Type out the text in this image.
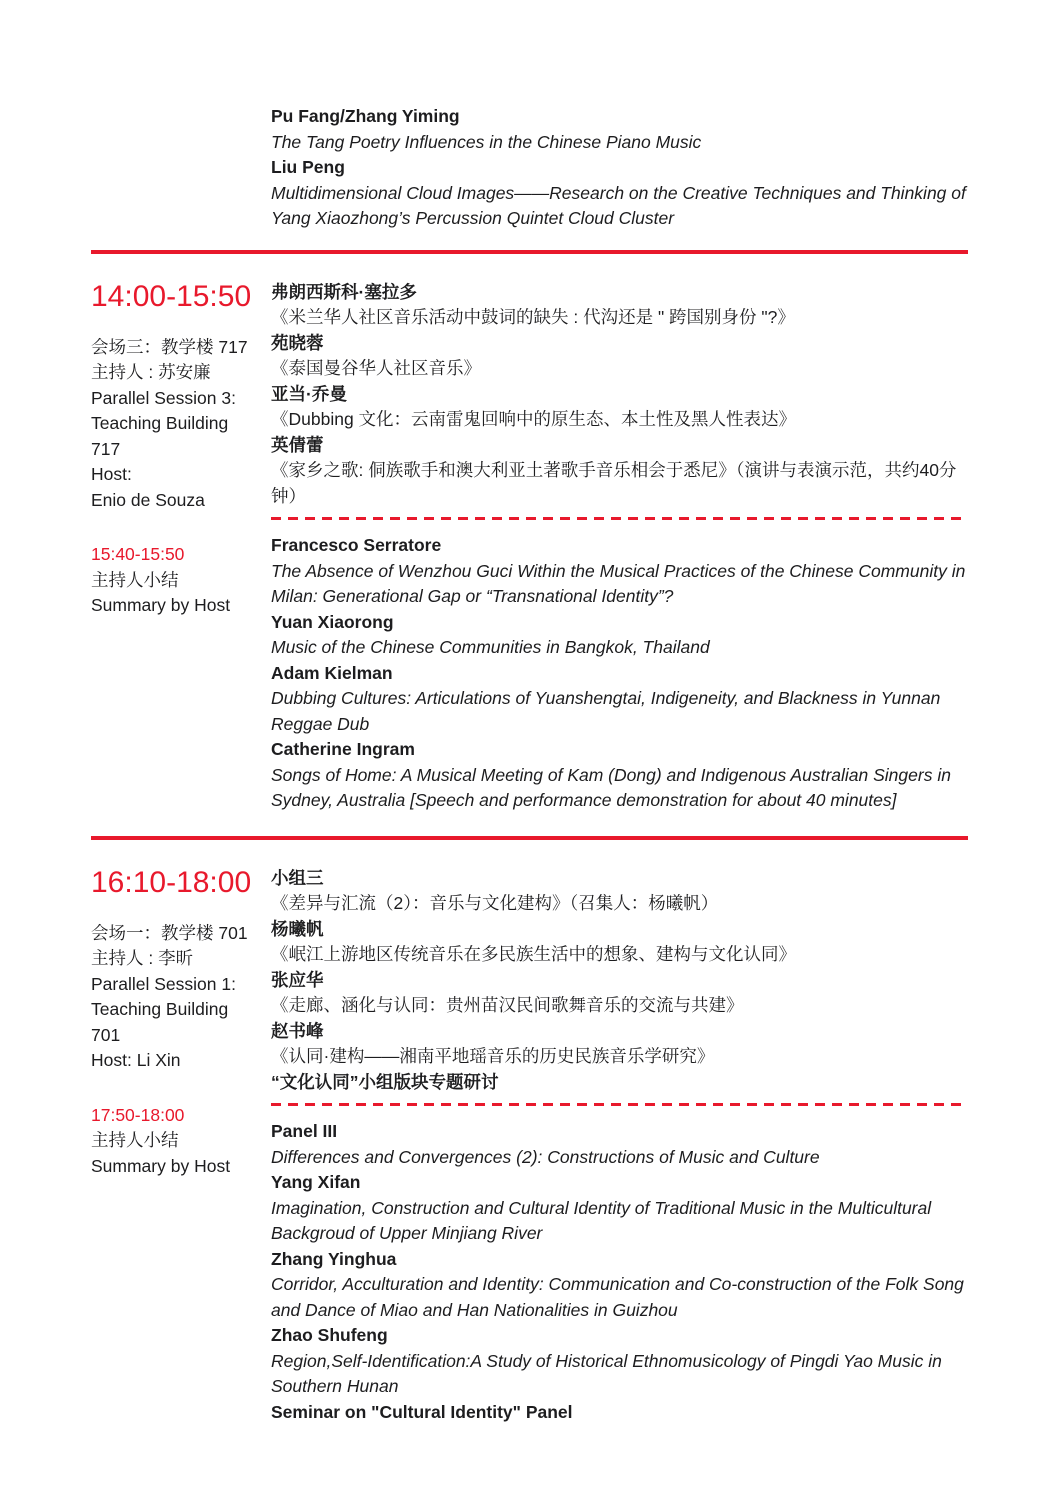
Pu Fang/Zhang Yiming
The Tang Poetry Influences in the Chinese Piano Music
Liu Peng
Multidimensional Cloud Images——Research on the Creative Techniques and Thinking of Yang Xiaozhong’s Percussion Quintet Cloud Cluster
14:00-15:50
会场三：教学楼 717
主持人 : 苏安廉
Parallel Session 3:
Teaching Building
717
Host:
Enio de Souza
15:40-15:50
主持人小结
Summary by Host
弗朗西斯科·塞拉多
《米兰华人社区音乐活动中鼓词的缺失 : 代沟还是 " 跨国别身份 "?》
苑晓蓉
《泰国曼谷华人社区音乐》
亚当·乔曼
《Dubbing 文化：云南雷鬼回响中的原生态、本土性及黑人性表达》
英倩蕾
《家乡之歌: 侗族歌手和澳大利亚土著歌手音乐相会于悉尼》（演讲与表演示范，共约40分钟）
Francesco Serratore
The Absence of Wenzhou Guci Within the Musical Practices of the Chinese Community in Milan: Generational Gap or “Transnational Identity”?
Yuan Xiaorong
Music of the Chinese Communities in Bangkok, Thailand
Adam Kielman
Dubbing Cultures: Articulations of Yuanshengtai, Indigeneity, and Blackness in Yunnan Reggae Dub
Catherine Ingram
Songs of Home: A Musical Meeting of Kam (Dong) and Indigenous Australian Singers in Sydney, Australia [Speech and performance demonstration for about 40 minutes]
16:10-18:00
会场一：教学楼 701
主持人 : 李昕
Parallel Session 1:
Teaching Building
701
Host: Li Xin
17:50-18:00
主持人小结
Summary by Host
小组三
《差异与汇流（2）：音乐与文化建构》（召集人：杨曦帆）
杨曦帆
《岷江上游地区传统音乐在多民族生活中的想象、建构与文化认同》
张应华
《走廊、涵化与认同：贵州苗汉民间歌舞音乐的交流与共建》
赵书峰
《认同·建构——湘南平地瑶音乐的历史民族音乐学研究》
“文化认同”小组版块专题研讨
Panel III
Differences and Convergences (2): Constructions of Music and Culture
Yang Xifan
Imagination, Construction and Cultural Identity of Traditional Music in the Multicultural Backgroud of Upper Minjiang River
Zhang Yinghua
Corridor, Acculturation and Identity: Communication and Co-construction of the Folk Song and Dance of Miao and Han Nationalities in Guizhou
Zhao Shufeng
Region,Self-Identification:A Study of Historical Ethnomusicology of Pingdi Yao Music in Southern Hunan
Seminar on "Cultural Identity" Panel
